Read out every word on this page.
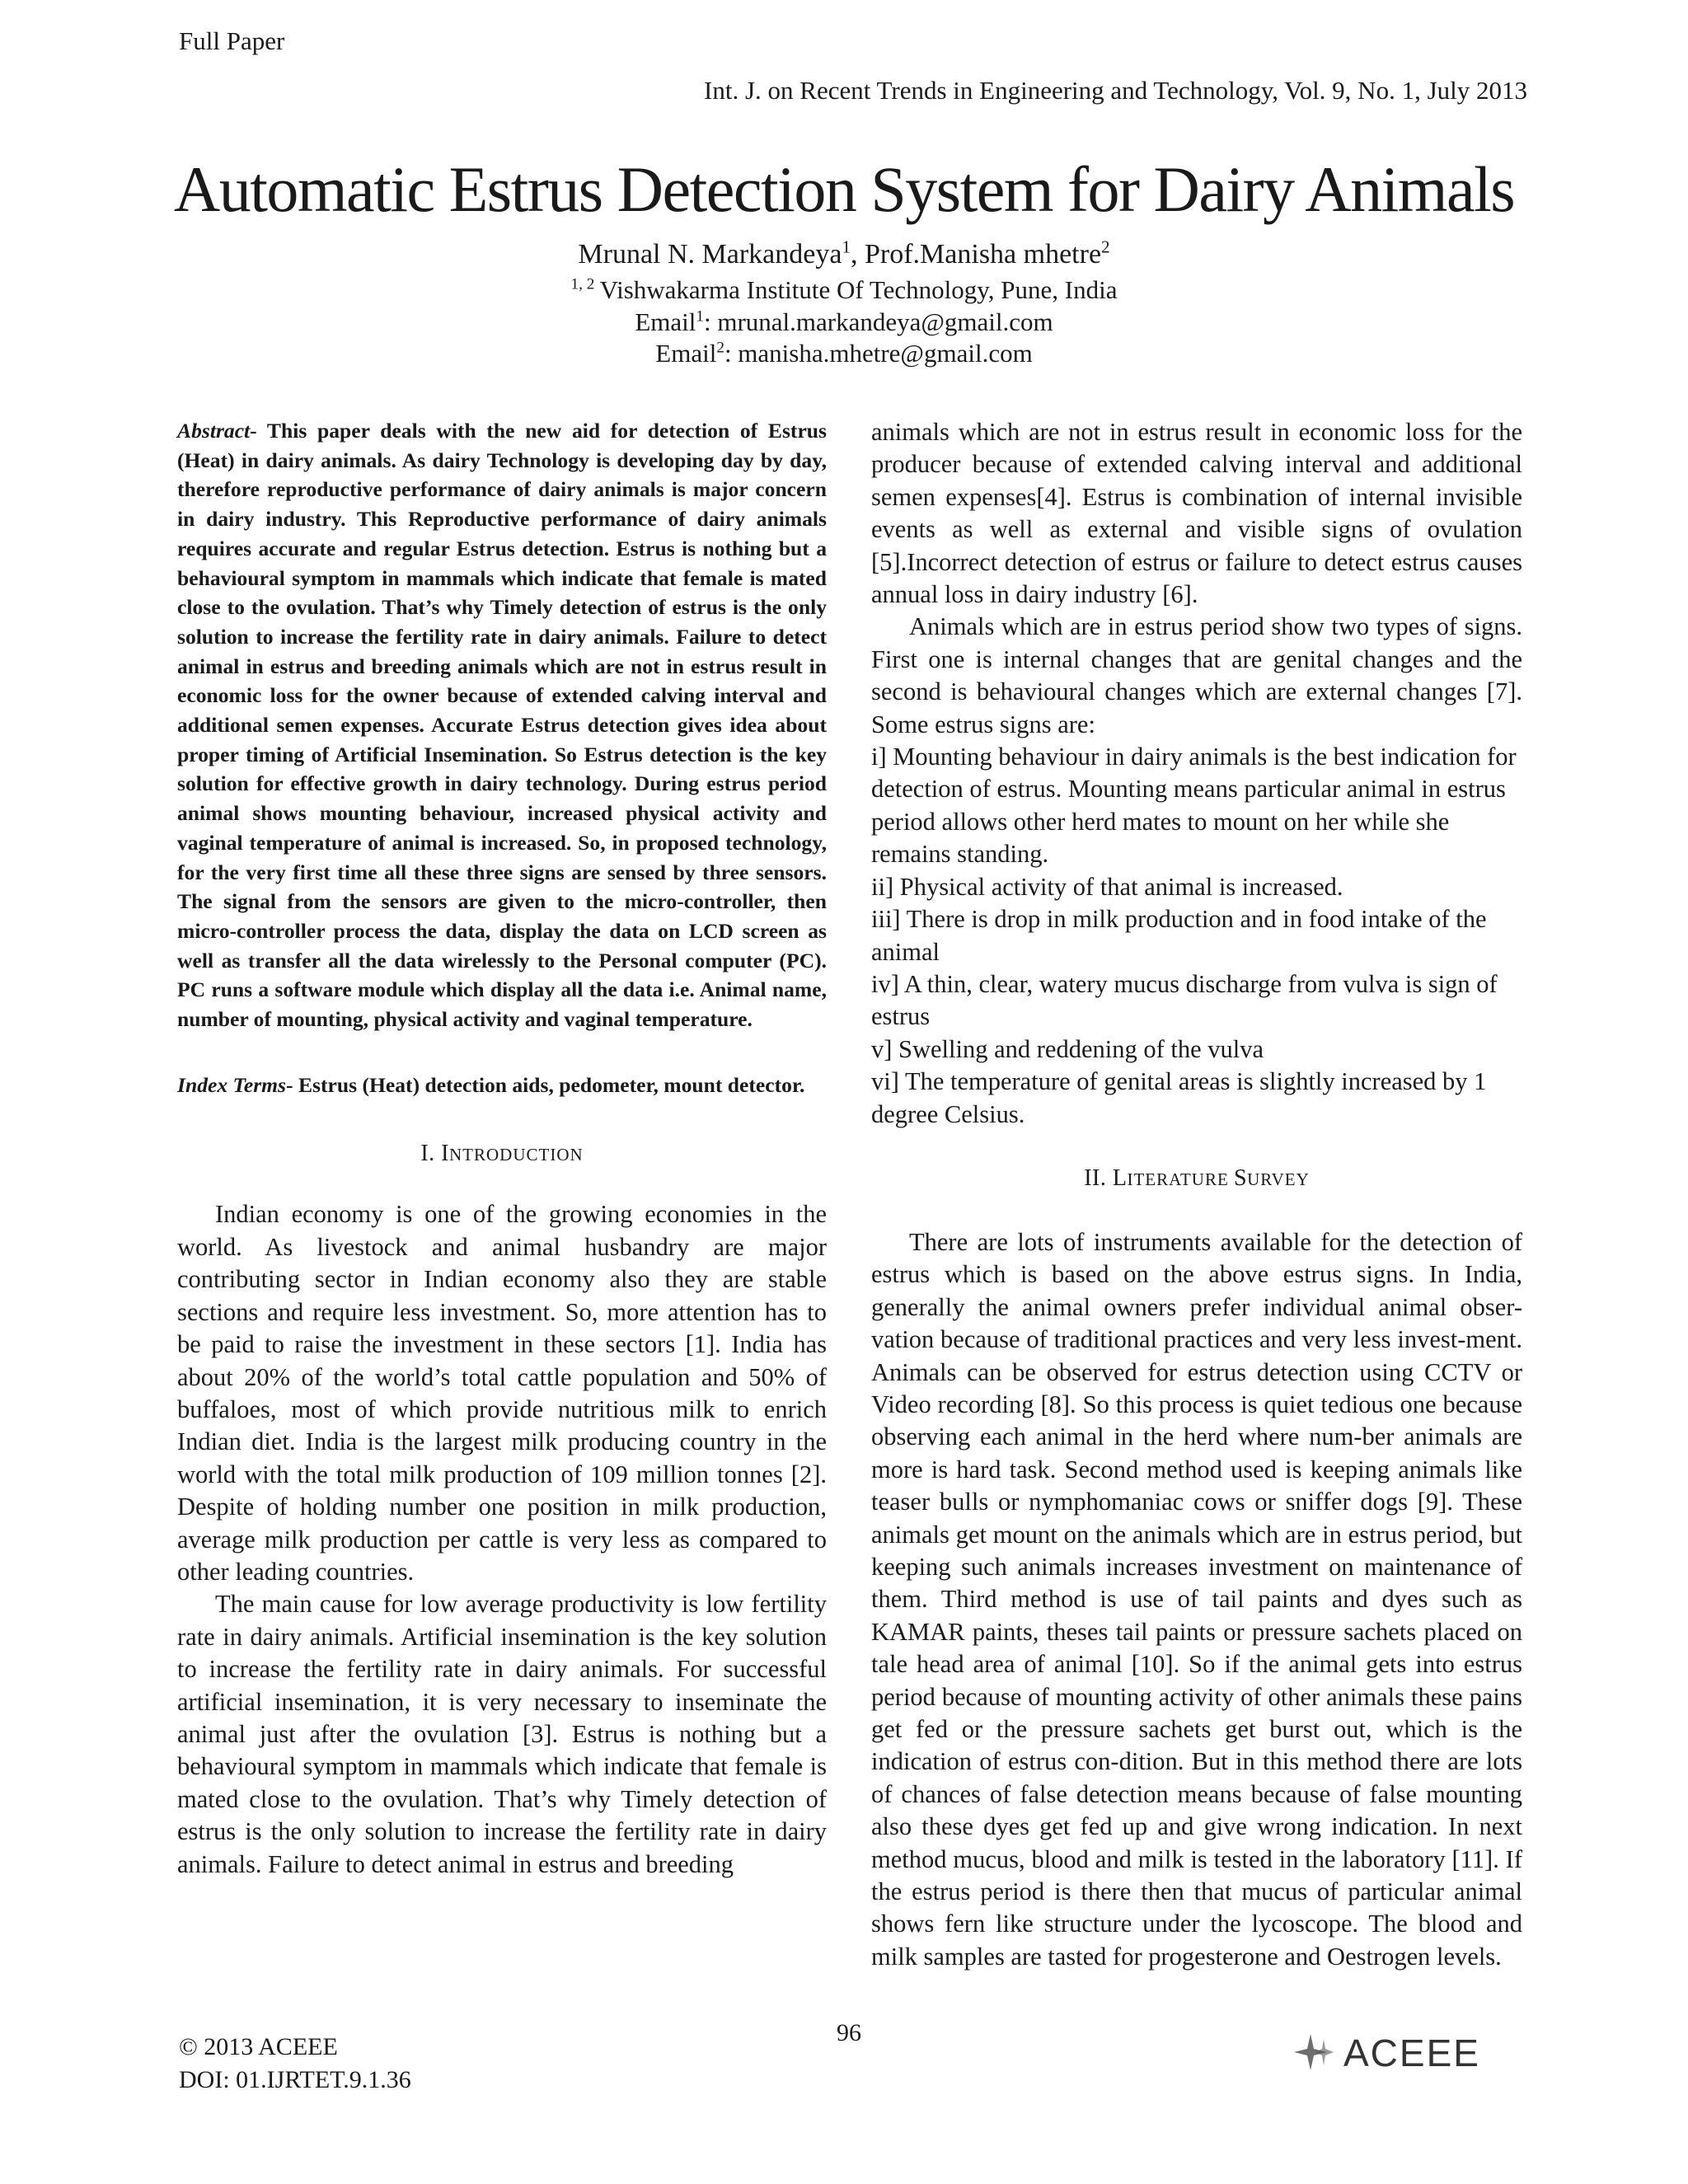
Full Paper
Int. J. on Recent Trends in Engineering and Technology, Vol. 9, No. 1, July 2013
Automatic Estrus Detection System for Dairy Animals
Mrunal N. Markandeya$^1$, Prof.Manisha mhetre$^2$
$^{1, 2}$  Vishwakarma Institute Of Technology, Pune, India
Email$^1$: mrunal.markandeya@gmail.com
Email$^2$: manisha.mhetre@gmail.com

Abstract- This paper deals with the new aid for detection of Estrus (Heat) in dairy animals. As dairy Technology is developing day by day, therefore reproductive performance of dairy animals is major concern in dairy industry. This Reproductive performance of dairy animals requires accurate and regular Estrus detection. Estrus is nothing but a behavioural symptom in mammals which indicate that female is mated close to the ovulation. That’s why Timely detection of estrus is the only solution to increase the fertility rate in dairy animals. Failure to detect animal in estrus and breeding animals which are not in estrus result in economic loss for the owner because of extended calving interval and additional semen expenses. Accurate Estrus detection gives idea about proper timing of Artificial Insemination. So Estrus detection is the key solution for effective growth in dairy technology. During estrus period animal shows mounting behaviour, increased physical activity and vaginal temperature of animal is increased. So, in proposed technology, for the very first time all these three signs are sensed by three sensors. The signal from the sensors are given to the micro-controller, then micro-controller process the data, display the data on LCD screen as well as transfer all the data wirelessly to the Personal computer (PC). PC runs a software module which display all the data i.e. Animal name, number of mounting, physical activity and vaginal temperature.

Index Terms- Estrus (Heat) detection aids, pedometer, mount detector.

I. INTRODUCTION

Indian economy is one of the growing economies in the world. As livestock and animal husbandry are major contributing sector in Indian economy also they are stable sections and require less investment. So, more attention has to be paid to raise the investment in these sectors [1]. India has about 20% of the world’s total cattle population and 50% of buffaloes, most of which provide nutritious milk to enrich Indian diet. India is the largest milk producing country in the world with the total milk production of 109 million tonnes [2]. Despite of holding number one position in milk production, average milk production per cattle is very less as compared to other leading countries.

The main cause for low average productivity is low fertility rate in dairy animals. Artificial insemination is the key solution to increase the fertility rate in dairy animals. For successful artificial insemination, it is very necessary to inseminate the animal just after the ovulation [3]. Estrus is nothing but a behavioural symptom in mammals which indicate that female is mated close to the ovulation. That’s why Timely detection of estrus is the only solution to increase the fertility rate in dairy animals. Failure to detect animal in estrus and breeding

animals which are not in estrus result in economic loss for the producer because of extended calving interval and additional semen expenses[4]. Estrus is combination of internal invisible events as well as external and visible signs of ovulation [5].Incorrect detection of estrus or failure to detect estrus causes annual loss in dairy industry [6].

Animals which are in estrus period show two types of signs. First one is internal changes that are genital changes and the second is behavioural changes which are external changes [7]. Some estrus signs are:

i] Mounting behaviour in dairy animals is the best indication for detection of estrus. Mounting means particular animal in estrus period allows other herd mates to mount on her while she remains standing.

ii] Physical activity of that animal is increased.

iii] There is drop in milk production and in food intake of the animal

iv] A thin, clear, watery mucus discharge from vulva is sign of estrus

v] Swelling and reddening of the vulva

vi] The temperature of genital areas is slightly increased by 1 degree Celsius.

II. LITERATURE SURVEY

There are lots of instruments available for the detection of estrus which is based on the above estrus signs. In India, generally the animal owners prefer individual animal obser-vation because of traditional practices and very less invest-ment. Animals can be observed for estrus detection using CCTV or Video recording [8]. So this process is quiet tedious one because observing each animal in the herd where num-ber animals are more is hard task. Second method used is keeping animals like teaser bulls or nymphomaniac cows or sniffer dogs [9]. These animals get mount on the animals which are in estrus period, but keeping such animals increases investment on maintenance of them. Third method is use of tail paints and dyes such as KAMAR paints, theses tail paints or pressure sachets placed on tale head area of animal [10]. So if the animal gets into estrus period because of mounting activity of other animals these pains get fed or the pressure sachets get burst out, which is the indication of estrus con-dition. But in this method there are lots of chances of false detection means because of false mounting also these dyes get fed up and give wrong indication. In next method mucus, blood and milk is tested in the laboratory [11]. If the estrus period is there then that mucus of particular animal shows fern like structure under the lycoscope. The blood and milk samples are tasted for progesterone and Oestrogen levels.

96
© 2013 ACEEE
DOI: 01.IJRTET.9.1.36
ACEEE
